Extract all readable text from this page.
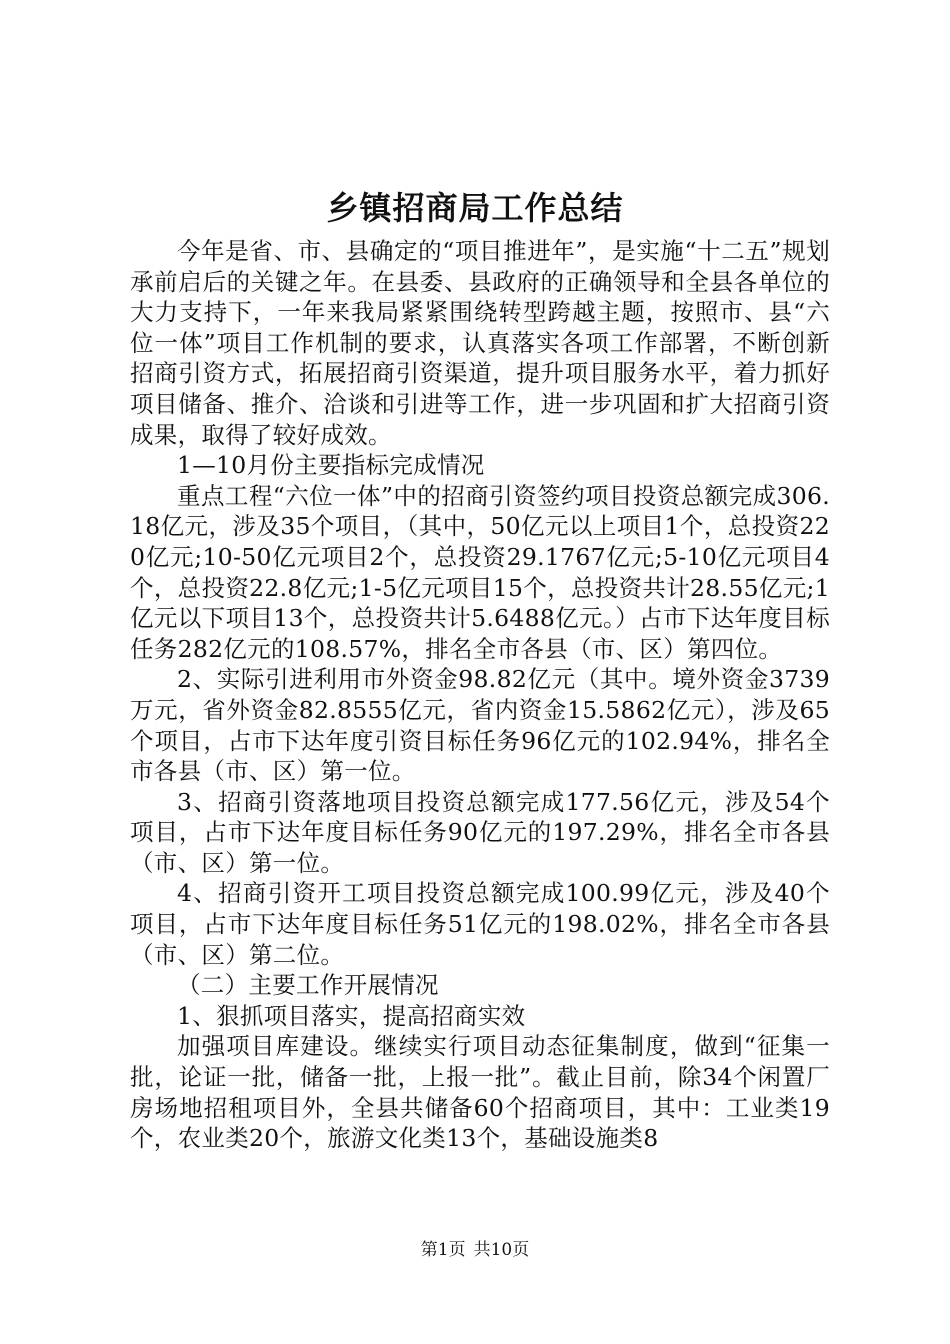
乡镇招商局工作总结

今年是省、市、县确定的“项目推进年”，是实施“十二五”规划承前启后的关键之年。在县委、县政府的正确领导和全县各单位的大力支持下，一年来我局紧紧围绕转型跨越主题，按照市、县“六位一体”项目工作机制的要求，认真落实各项工作部署，不断创新招商引资方式，拓展招商引资渠道，提升项目服务水平，着力抓好项目储备、推介、洽谈和引进等工作，进一步巩固和扩大招商引资成果，取得了较好成效。

1—10月份主要指标完成情况

重点工程“六位一体”中的招商引资签约项目投资总额完成306.18亿元，涉及35个项目，（其中，50亿元以上项目1个，总投资220亿元;10-50亿元项目2个，总投资29.1767亿元;5-10亿元项目4个，总投资22.8亿元;1-5亿元项目15个，总投资共计28.55亿元;1亿元以下项目13个，总投资共计5.6488亿元。）占市下达年度目标任务282亿元的108.57%，排名全市各县（市、区）第四位。

2、实际引进利用市外资金98.82亿元（其中。境外资金3739万元，省外资金82.8555亿元，省内资金15.5862亿元），涉及65个项目，占市下达年度引资目标任务96亿元的102.94%，排名全市各县（市、区）第一位。

3、招商引资落地项目投资总额完成177.56亿元，涉及54个项目，占市下达年度目标任务90亿元的197.29%，排名全市各县（市、区）第一位。

4、招商引资开工项目投资总额完成100.99亿元，涉及40个项目，占市下达年度目标任务51亿元的198.02%，排名全市各县（市、区）第二位。

（二）主要工作开展情况

1、狠抓项目落实，提高招商实效

加强项目库建设。继续实行项目动态征集制度，做到“征集一批，论证一批，储备一批，上报一批”。截止目前，除34个闲置厂房场地招租项目外，全县共储备60个招商项目，其中：工业类19个，农业类20个，旅游文化类13个，基础设施类8

第1页 共10页
